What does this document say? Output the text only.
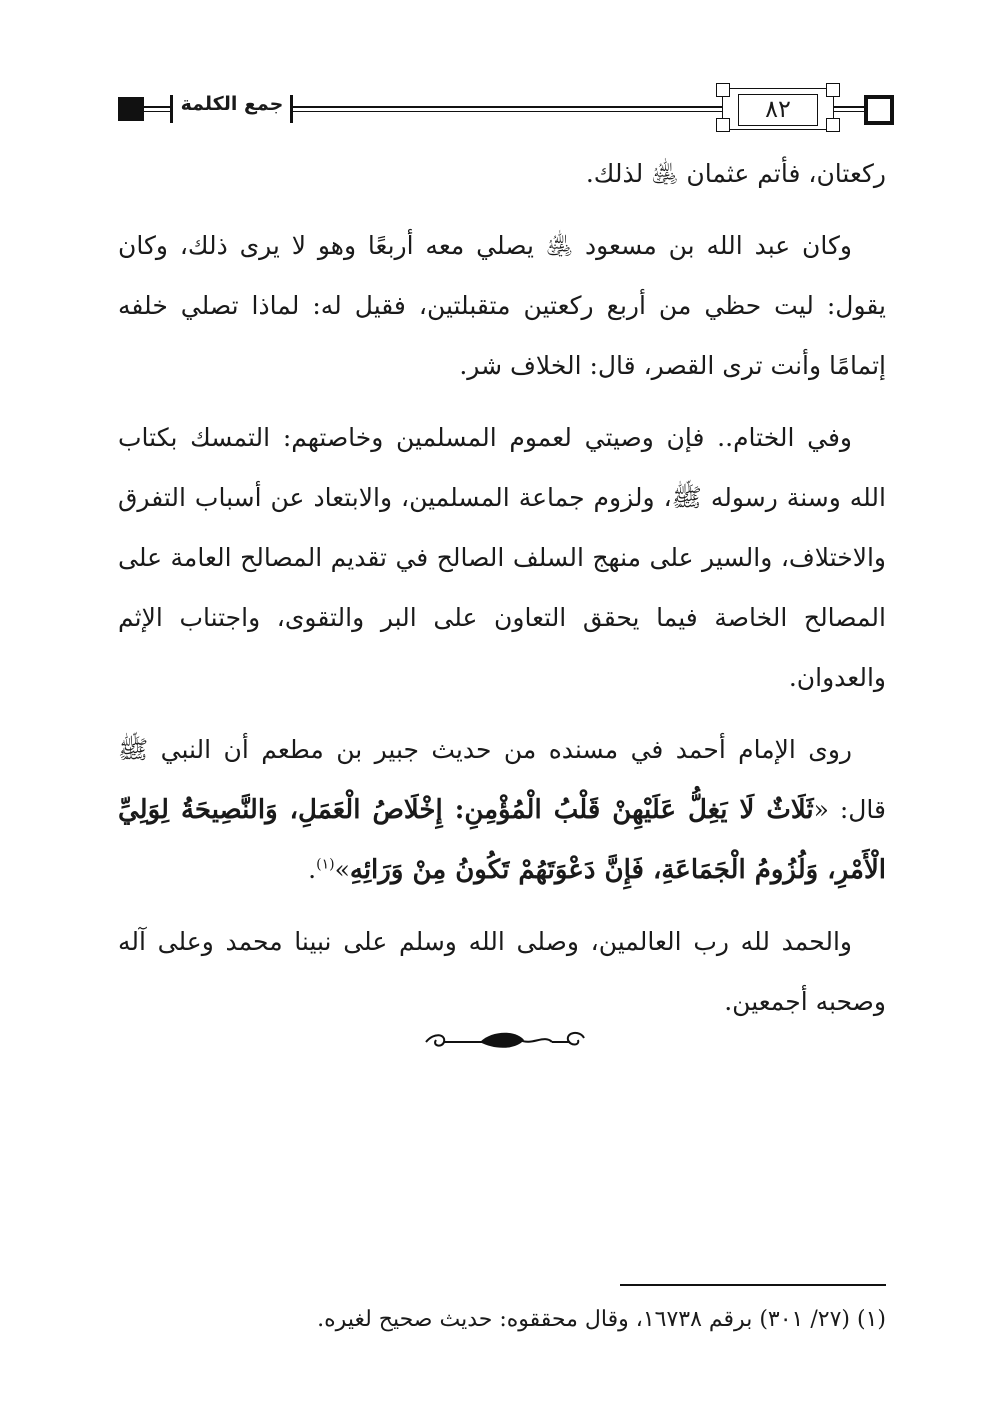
جمع الكلمة	٨٢

ركعتان، فأتم عثمان ﵁ لذلك.

وكان عبد الله بن مسعود ﵁ يصلي معه أربعًا وهو لا يرى ذلك، وكان يقول: ليت حظي من أربع ركعتين متقبلتين، فقيل له: لماذا تصلي خلفه إتمامًا وأنت ترى القصر، قال: الخلاف شر.

وفي الختام.. فإن وصيتي لعموم المسلمين وخاصتهم: التمسك بكتاب الله وسنة رسوله ﷺ، ولزوم جماعة المسلمين، والابتعاد عن أسباب التفرق والاختلاف، والسير على منهج السلف الصالح في تقديم المصالح العامة على المصالح الخاصة فيما يحقق التعاون على البر والتقوى، واجتناب الإثم والعدوان.

روى الإمام أحمد في مسنده من حديث جبير بن مطعم أن النبي ﷺ قال: «ثَلَاثٌ لَا يَغِلُّ عَلَيْهِنْ قَلْبُ الْمُؤْمِنِ: إِخْلَاصُ الْعَمَلِ، وَالنَّصِيحَةُ لِوَلِيِّ الْأَمْرِ، وَلُزُومُ الْجَمَاعَةِ، فَإِنَّ دَعْوَتَهُمْ تَكُونُ مِنْ وَرَائِهِ»$^{(١)}$.

والحمد لله رب العالمين، وصلى الله وسلم على نبينا محمد وعلى آله وصحبه أجمعين.

(١) (٢٧/ ٣٠١) برقم ١٦٧٣٨، وقال محققوه: حديث صحيح لغيره.
